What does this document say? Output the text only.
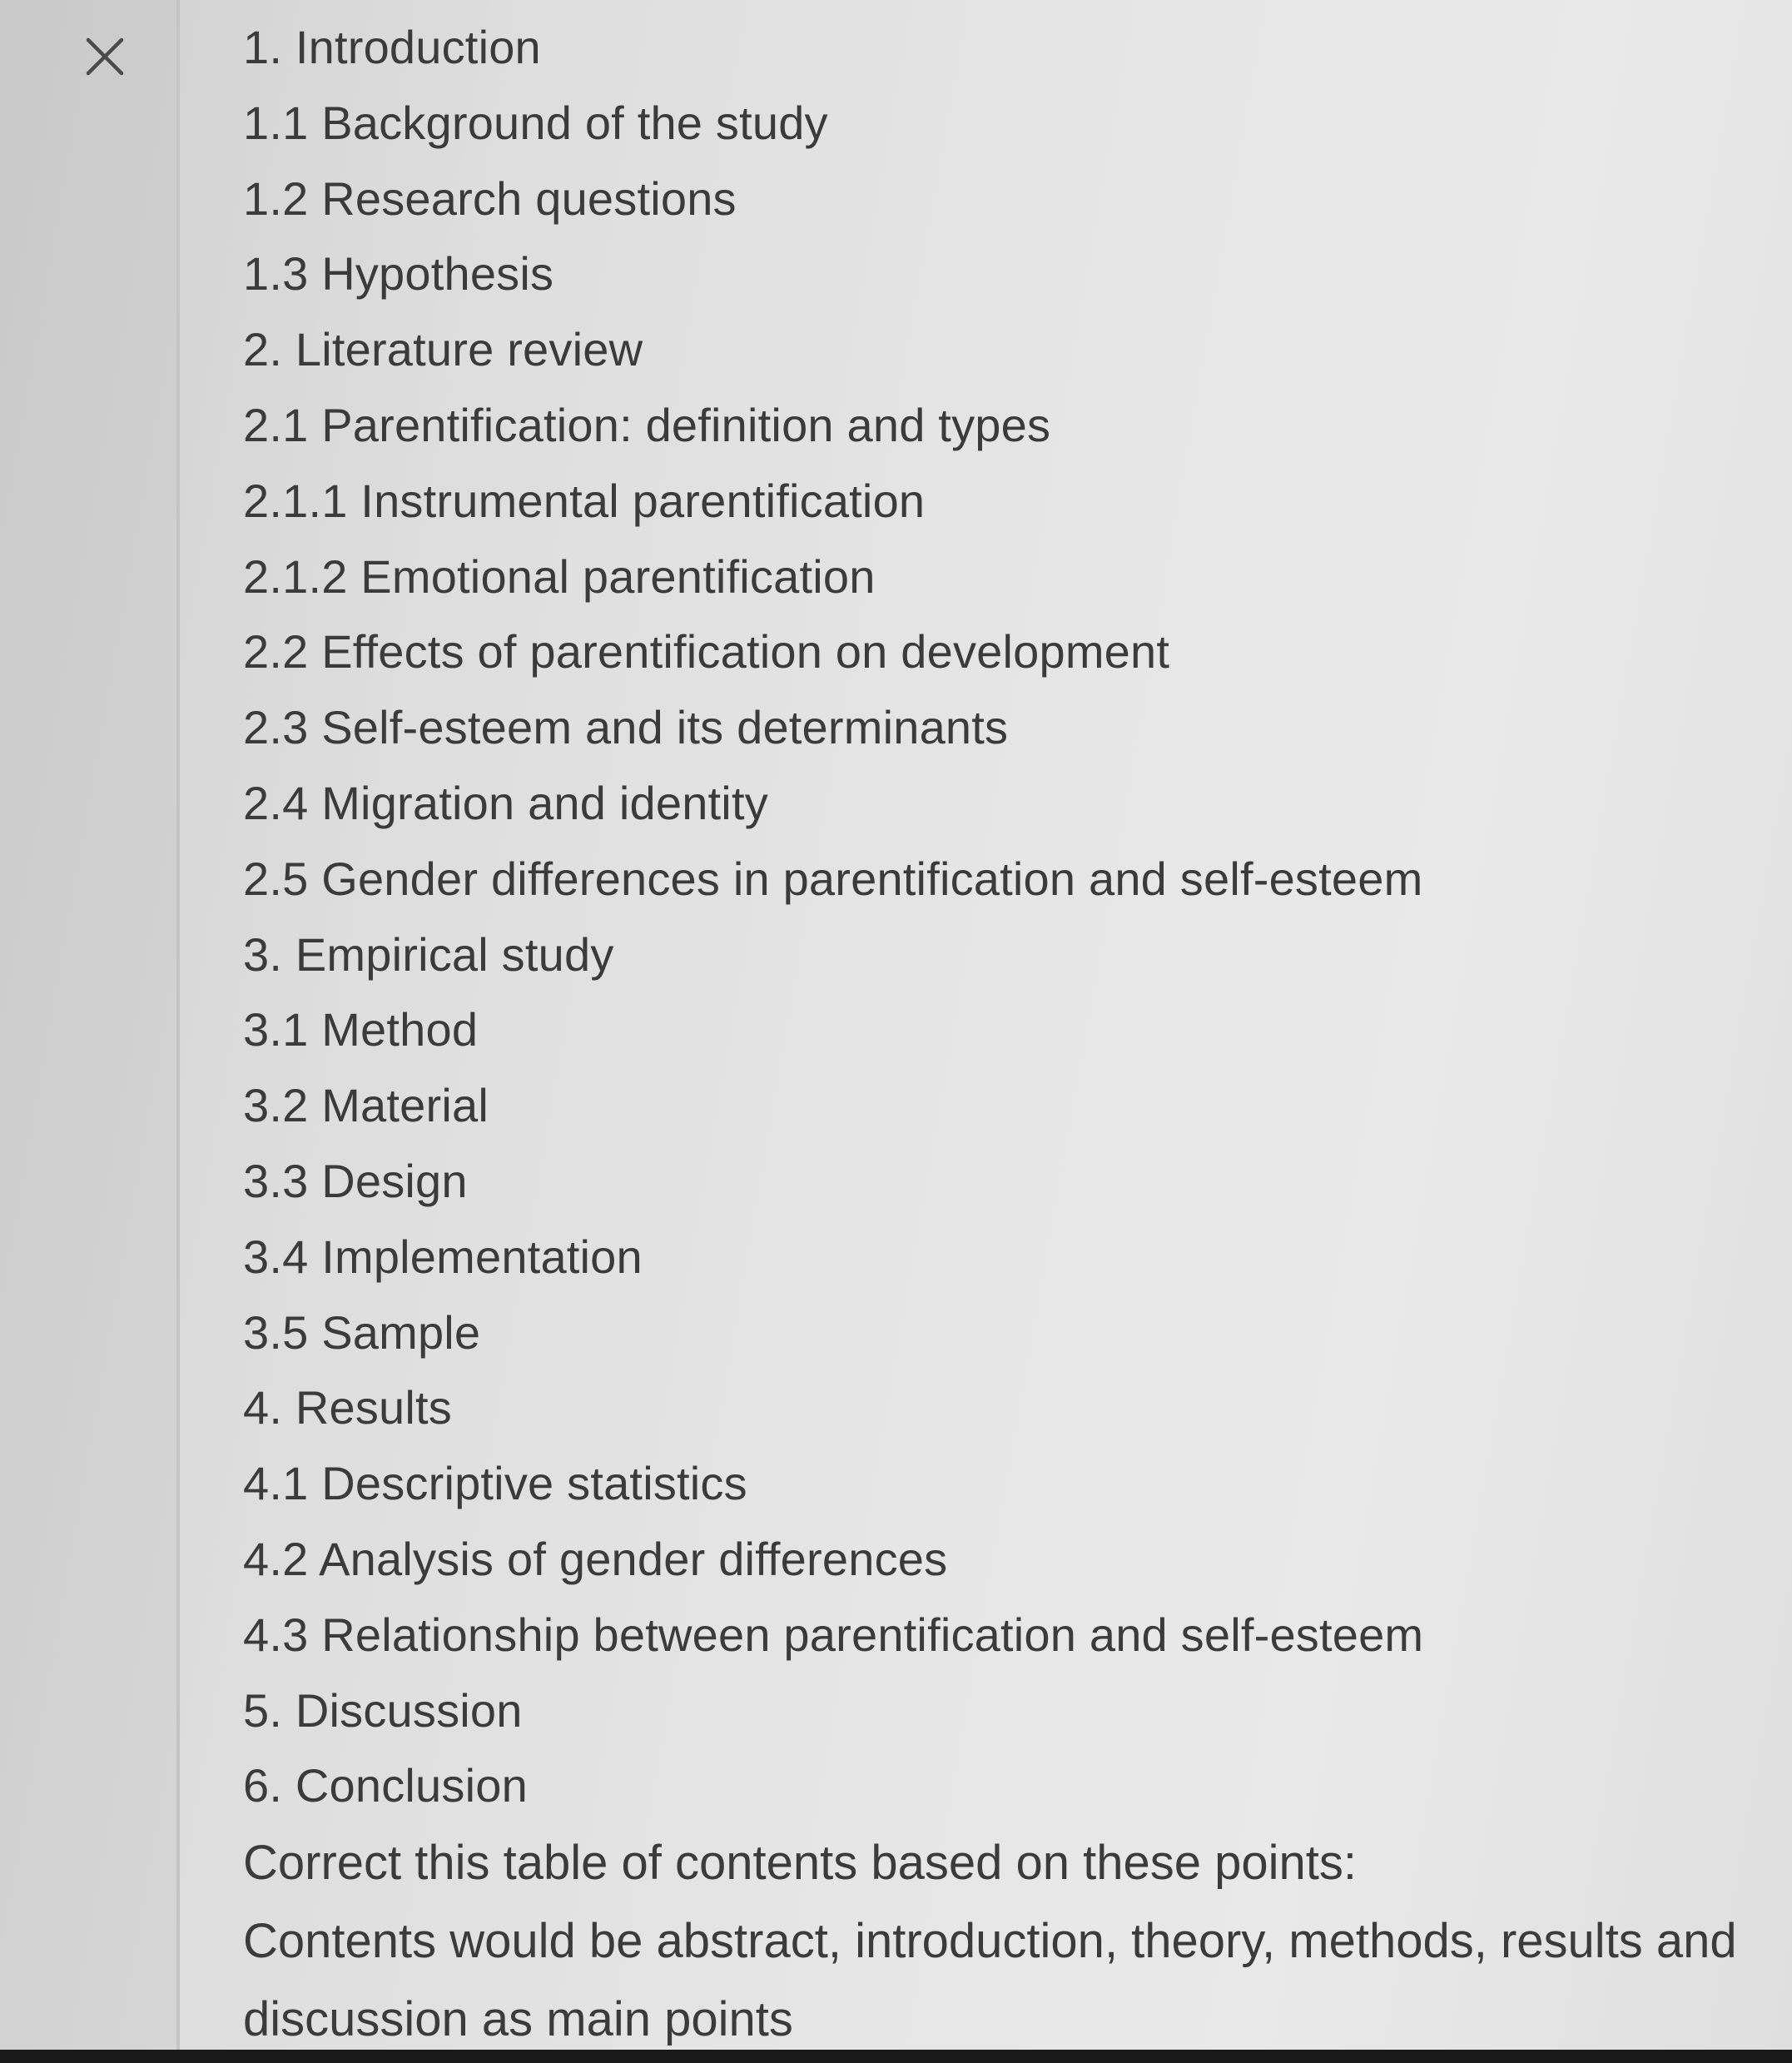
1. Introduction
1.1 Background of the study
1.2 Research questions
1.3 Hypothesis
2. Literature review
2.1 Parentification: definition and types
2.1.1 Instrumental parentification
2.1.2 Emotional parentification
2.2 Effects of parentification on development
2.3 Self-esteem and its determinants
2.4 Migration and identity
2.5 Gender differences in parentification and self-esteem
3. Empirical study
3.1 Method
3.2 Material
3.3 Design
3.4 Implementation
3.5 Sample
4. Results
4.1 Descriptive statistics
4.2 Analysis of gender differences
4.3 Relationship between parentification and self-esteem
5. Discussion
6. Conclusion
Correct this table of contents based on these points:
Contents would be abstract, introduction, theory, methods, results and
discussion as main points
